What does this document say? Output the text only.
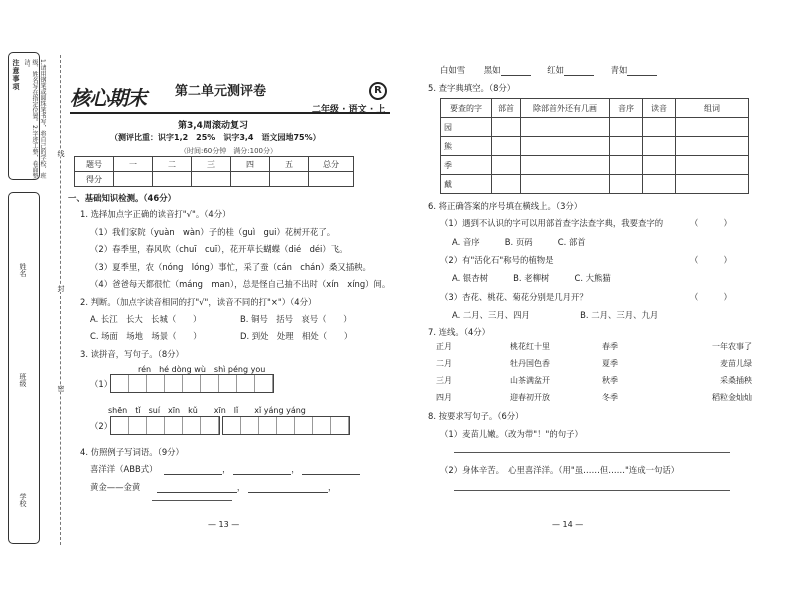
注意事项	1.请用钢笔或圆珠笔书写，将自己的学校、班级、姓名写在指定位置。2.字迹工整，卷面整洁。
姓名
班级
学校
线
封
密
核心期末 第二单元测评卷	R
二年级 · 语文 · 上
第3,4周滚动复习
（测评比重：识字1,2　25%　识字3,4　语文园地75%）
（时间:60分钟　满分:100分）
题号	一	二	三	四	五	总分
得分						
一、基础知识检测。（46分）
1. 选择加点字正确的读音打"√"。（4分）
（1）我们家院（yuàn　wàn）子的桂（guì　gui）花树开花了。
（2）春季里，春风吹（chuī　cuī），花开草长蝴蝶（dié　déi）飞。
（3）夏季里，农（nóng　lóng）事忙，采了蚕（cán　chán）桑又插秧。
（4）爸爸每天都很忙（máng　man），总是怪自己抽不出时（xín　xíng）间。
2. 判断。（加点字读音相同的打"√"，读音不同的打"×"）（4分）
A. 长江　长大　长城（　　）	B. 铜号　括号　哀号（　　）
C. 场面　场地　场景（　　）	D. 到处　处理　相处（　　）
3. 读拼音，写句子。（8分）
rén　hé dòng wù　shì péng you
（1）
shēn　tǐ　suí　xīn　kǔ　　xīn　lǐ　　xǐ yáng yáng
（2）
4. 仿照例子写词语。（9分）
喜洋洋（ABB式）	，	，
黄金——金黄	，	，
— 13 —
白如雪 黑如	红如	青如
5. 查字典填空。（8分）
要查的字	部首	除部首外还有几画	音序	读音	组词
园					
熊					
季					
戴					
6. 将正确答案的序号填在横线上。（3分）
（1）遇到不认识的字可以用部首查字法查字典，我要查字的	（　　　）
A. 音序　　　B. 页码　　　C. 部首
（2）有"活化石"称号的植物是	（　　　）
A. 银杏树　　　B. 老柳树　　　C. 大熊猫
（3）杏花、桃花、菊花分别是几月开？	（　　　）
A. 二月、三月、四月　　　　　　B. 二月、三月、九月
7. 连线。（4分）
正月	桃花红十里	春季	一年农事了
二月	牡丹国色香	夏季	麦苗儿绿
三月	山茶满盆开	秋季	采桑插秧
四月	迎春初开放	冬季	稻粒金灿灿
8. 按要求写句子。（6分）
（1）麦苗儿嫩。（改为带"！"的句子）
（2）身体辛苦。　心里喜洋洋。（用"虽……但……"连成一句话）
— 14 —
